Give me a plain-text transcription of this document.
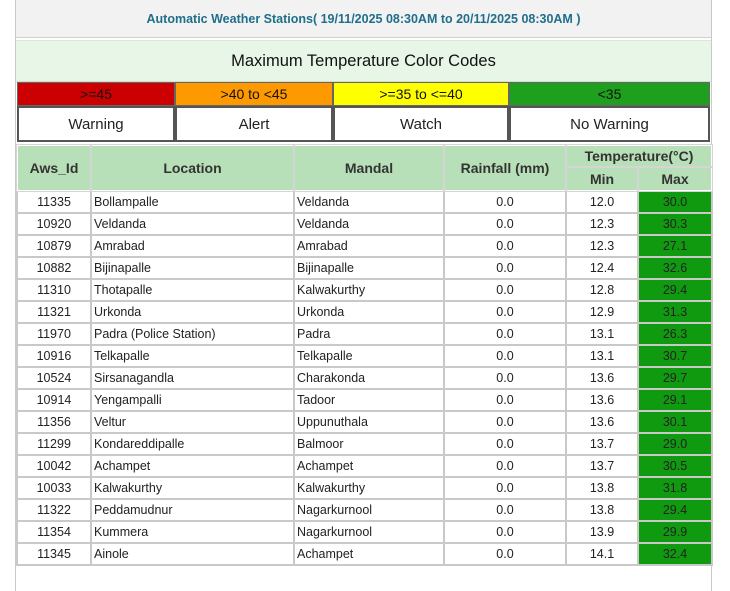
Automatic Weather Stations( 19/11/2025 08:30AM to 20/11/2025 08:30AM )
Maximum Temperature Color Codes
>=45	>40 to <45	>=35 to <=40	<35
Warning	Alert	Watch	No Warning
Aws_Id	Location	Mandal	Rainfall (mm)	Temperature(°C)	
				Min	Max
11335	Bollampalle	Veldanda	0.0	12.0	30.0
10920	Veldanda	Veldanda	0.0	12.3	30.3
10879	Amrabad	Amrabad	0.0	12.3	27.1
10882	Bijinapalle	Bijinapalle	0.0	12.4	32.6
11310	Thotapalle	Kalwakurthy	0.0	12.8	29.4
11321	Urkonda	Urkonda	0.0	12.9	31.3
11970	Padra (Police Station)	Padra	0.0	13.1	26.3
10916	Telkapalle	Telkapalle	0.0	13.1	30.7
10524	Sirsanagandla	Charakonda	0.0	13.6	29.7
10914	Yengampalli	Tadoor	0.0	13.6	29.1
11356	Veltur	Uppunuthala	0.0	13.6	30.1
11299	Kondareddipalle	Balmoor	0.0	13.7	29.0
10042	Achampet	Achampet	0.0	13.7	30.5
10033	Kalwakurthy	Kalwakurthy	0.0	13.8	31.8
11322	Peddamudnur	Nagarkurnool	0.0	13.8	29.4
11354	Kummera	Nagarkurnool	0.0	13.9	29.9
11345	Ainole	Achampet	0.0	14.1	32.4
